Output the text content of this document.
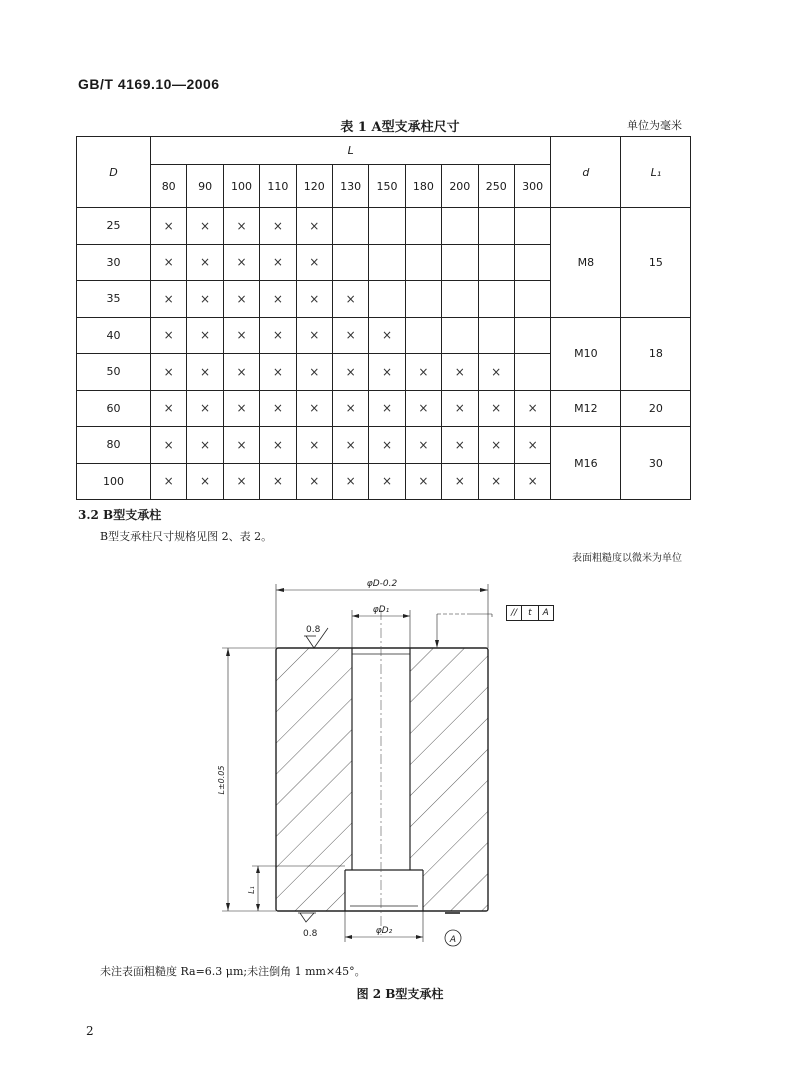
GB/T 4169.10—2006
表 1 A型支承柱尺寸	单位为毫米
D	L											d	L₁
	80	90	100	110	120	130	150	180	200	250	300		
25	×	×	×	×	×							M8	15
30	×	×	×	×	×								
35	×	×	×	×	×	×							
40	×	×	×	×	×	×	×					M10	18
50	×	×	×	×	×	×	×	×	×	×			
60	×	×	×	×	×	×	×	×	×	×	×	M12	20
80	×	×	×	×	×	×	×	×	×	×	×	M16	30
100	×	×	×	×	×	×	×	×	×	×	×		
3.2 B型支承柱
B型支承柱尺寸规格见图 2、表 2。
表面粗糙度以微米为单位
φD-0.2
φD₁
0.8
L±0.05
L₁
0.8	φD₂
A
//	t	A
未注表面粗糙度 Ra=6.3 μm;未注倒角 1 mm×45°。
图 2 B型支承柱
2
